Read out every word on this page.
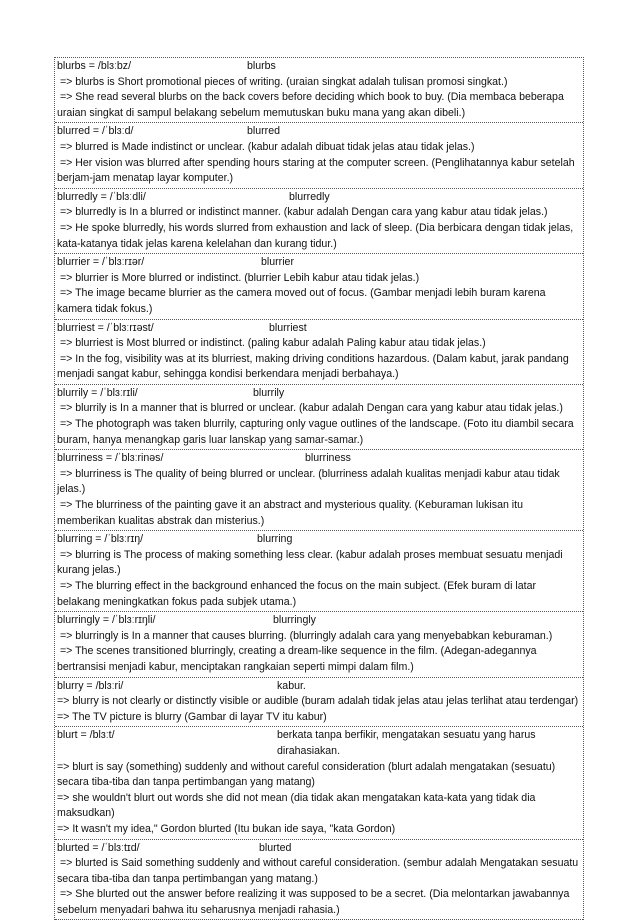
blurbs = /blɜːbz/	blurbs
=> blurbs is Short promotional pieces of writing. (uraian singkat adalah tulisan promosi singkat.)
=> She read several blurbs on the back covers before deciding which book to buy. (Dia membaca beberapa uraian singkat di sampul belakang sebelum memutuskan buku mana yang akan dibeli.)
blurred = /ˈblɜːd/	blurred
=> blurred is Made indistinct or unclear. (kabur adalah dibuat tidak jelas atau tidak jelas.)
=> Her vision was blurred after spending hours staring at the computer screen. (Penglihatannya kabur setelah berjam-jam menatap layar komputer.)
blurredly = /ˈblɜːdli/	blurredly
=> blurredly is In a blurred or indistinct manner. (kabur adalah Dengan cara yang kabur atau tidak jelas.)
=> He spoke blurredly, his words slurred from exhaustion and lack of sleep. (Dia berbicara dengan tidak jelas, kata-katanya tidak jelas karena kelelahan dan kurang tidur.)
blurrier = /ˈblɜːrɪər/	blurrier
=> blurrier is More blurred or indistinct. (blurrier Lebih kabur atau tidak jelas.)
=> The image became blurrier as the camera moved out of focus. (Gambar menjadi lebih buram karena kamera tidak fokus.)
blurriest = /ˈblɜːrɪəst/	blurriest
=> blurriest is Most blurred or indistinct. (paling kabur adalah Paling kabur atau tidak jelas.)
=> In the fog, visibility was at its blurriest, making driving conditions hazardous. (Dalam kabut, jarak pandang menjadi sangat kabur, sehingga kondisi berkendara menjadi berbahaya.)
blurrily = /ˈblɜːrɪli/	blurrily
=> blurrily is In a manner that is blurred or unclear. (kabur adalah Dengan cara yang kabur atau tidak jelas.)
=> The photograph was taken blurrily, capturing only vague outlines of the landscape. (Foto itu diambil secara buram, hanya menangkap garis luar lanskap yang samar-samar.)
blurriness = /ˈblɜːrinəs/	blurriness
=> blurriness is The quality of being blurred or unclear. (blurriness adalah kualitas menjadi kabur atau tidak jelas.)
=> The blurriness of the painting gave it an abstract and mysterious quality. (Keburaman lukisan itu memberikan kualitas abstrak dan misterius.)
blurring = /ˈblɜːrɪŋ/	blurring
=> blurring is The process of making something less clear. (kabur adalah proses membuat sesuatu menjadi kurang jelas.)
=> The blurring effect in the background enhanced the focus on the main subject. (Efek buram di latar belakang meningkatkan fokus pada subjek utama.)
blurringly = /ˈblɜːrɪŋli/	blurringly
=> blurringly is In a manner that causes blurring. (blurringly adalah cara yang menyebabkan keburaman.)
=> The scenes transitioned blurringly, creating a dream-like sequence in the film. (Adegan-adegannya bertransisi menjadi kabur, menciptakan rangkaian seperti mimpi dalam film.)
blurry = /blɜːri/	kabur.
=> blurry is not clearly or distinctly visible or audible (buram adalah tidak jelas atau jelas terlihat atau terdengar)
=> The TV picture is blurry (Gambar di layar TV itu kabur)
blurt = /blɜːt/	berkata tanpa berfikir, mengatakan sesuatu yang harus dirahasiakan.
=> blurt is say (something) suddenly and without careful consideration (blurt adalah mengatakan (sesuatu) secara tiba-tiba dan tanpa pertimbangan yang matang)
=> she wouldn't blurt out words she did not mean (dia tidak akan mengatakan kata-kata yang tidak dia maksudkan)
=> It wasn't my idea," Gordon blurted (Itu bukan ide saya, "kata Gordon)
blurted = /ˈblɜːtɪd/	blurted
=> blurted is Said something suddenly and without careful consideration. (sembur adalah Mengatakan sesuatu secara tiba-tiba dan tanpa pertimbangan yang matang.)
=> She blurted out the answer before realizing it was supposed to be a secret. (Dia melontarkan jawabannya sebelum menyadari bahwa itu seharusnya menjadi rahasia.)
